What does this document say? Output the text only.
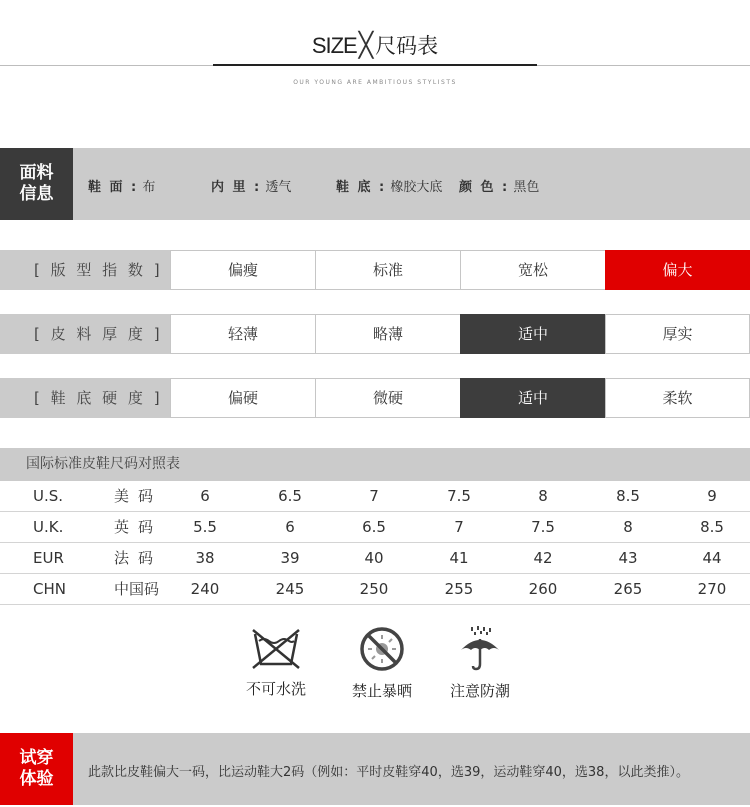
SIZE╳尺码表
OUR YOUNG ARE AMBITIOUS STYLISTS
面料
信息	鞋 面 : 布	内 里 : 透气	鞋 底 : 橡胶大底 颜 色 : 黑色
[ 版 型 指 数 ]	偏瘦	标准	宽松	偏大
[ 皮 料 厚 度 ]	轻薄	略薄	适中	厚实
[ 鞋 底 硬 度 ]	偏硬	微硬	适中	柔软
国际标准皮鞋尺码对照表
U.S.	美码	6	6.5	7	7.5	8	8.5	9
U.K.	英码	5.5	6	6.5	7	7.5	8	8.5
EUR	法码	38	39	40	41	42	43	44
CHN	中国码	240	245	250	255	260	265	270
不可水洗	禁止暴晒	注意防潮
试穿
体验	此款比皮鞋偏大一码，比运动鞋大2码（例如：平时皮鞋穿40，选39，运动鞋穿40，选38，以此类推）。
